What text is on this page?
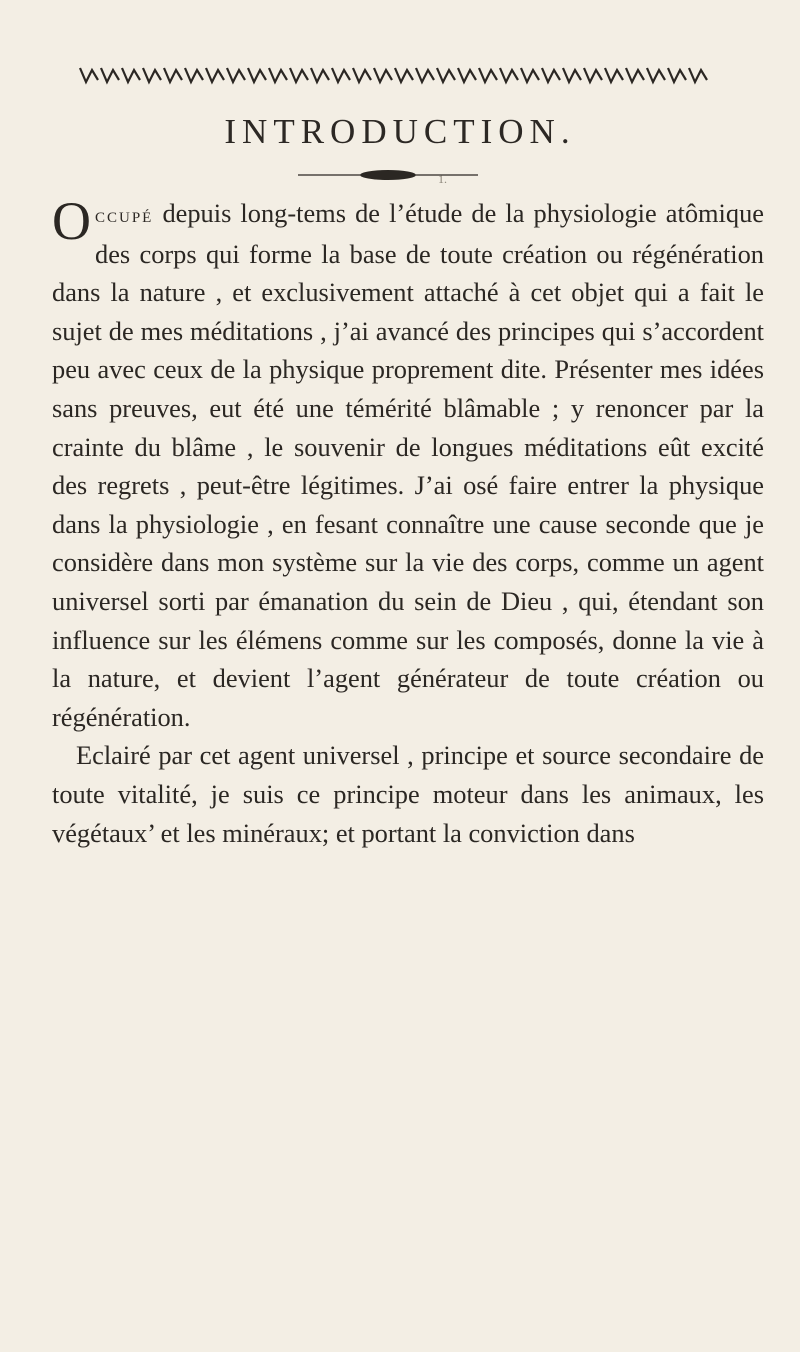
INTRODUCTION.
1.

Occupé depuis long-tems de l’étude de la physiologie atômique des corps qui forme la base de toute création ou régénération dans la nature , et exclusivement attaché à cet objet qui a fait le sujet de mes méditations , j’ai avancé des principes qui s’accordent peu avec ceux de la physique proprement dite. Présenter mes idées sans preuves, eut été une témérité blâmable ; y renoncer par la crainte du blâme , le souvenir de longues méditations eût excité des regrets , peut-être légitimes. J’ai osé faire entrer la physique dans la physiologie , en fesant connaître une cause seconde que je considère dans mon système sur la vie des corps, comme un agent universel sorti par émanation du sein de Dieu , qui, étendant son influence sur les élémens comme sur les composés, donne la vie à la nature, et devient l’agent générateur de toute création ou régénération.

Eclairé par cet agent universel , principe et source secondaire de toute vitalité, je suis ce principe moteur dans les animaux, les végétaux’ et les minéraux; et portant la conviction dans
